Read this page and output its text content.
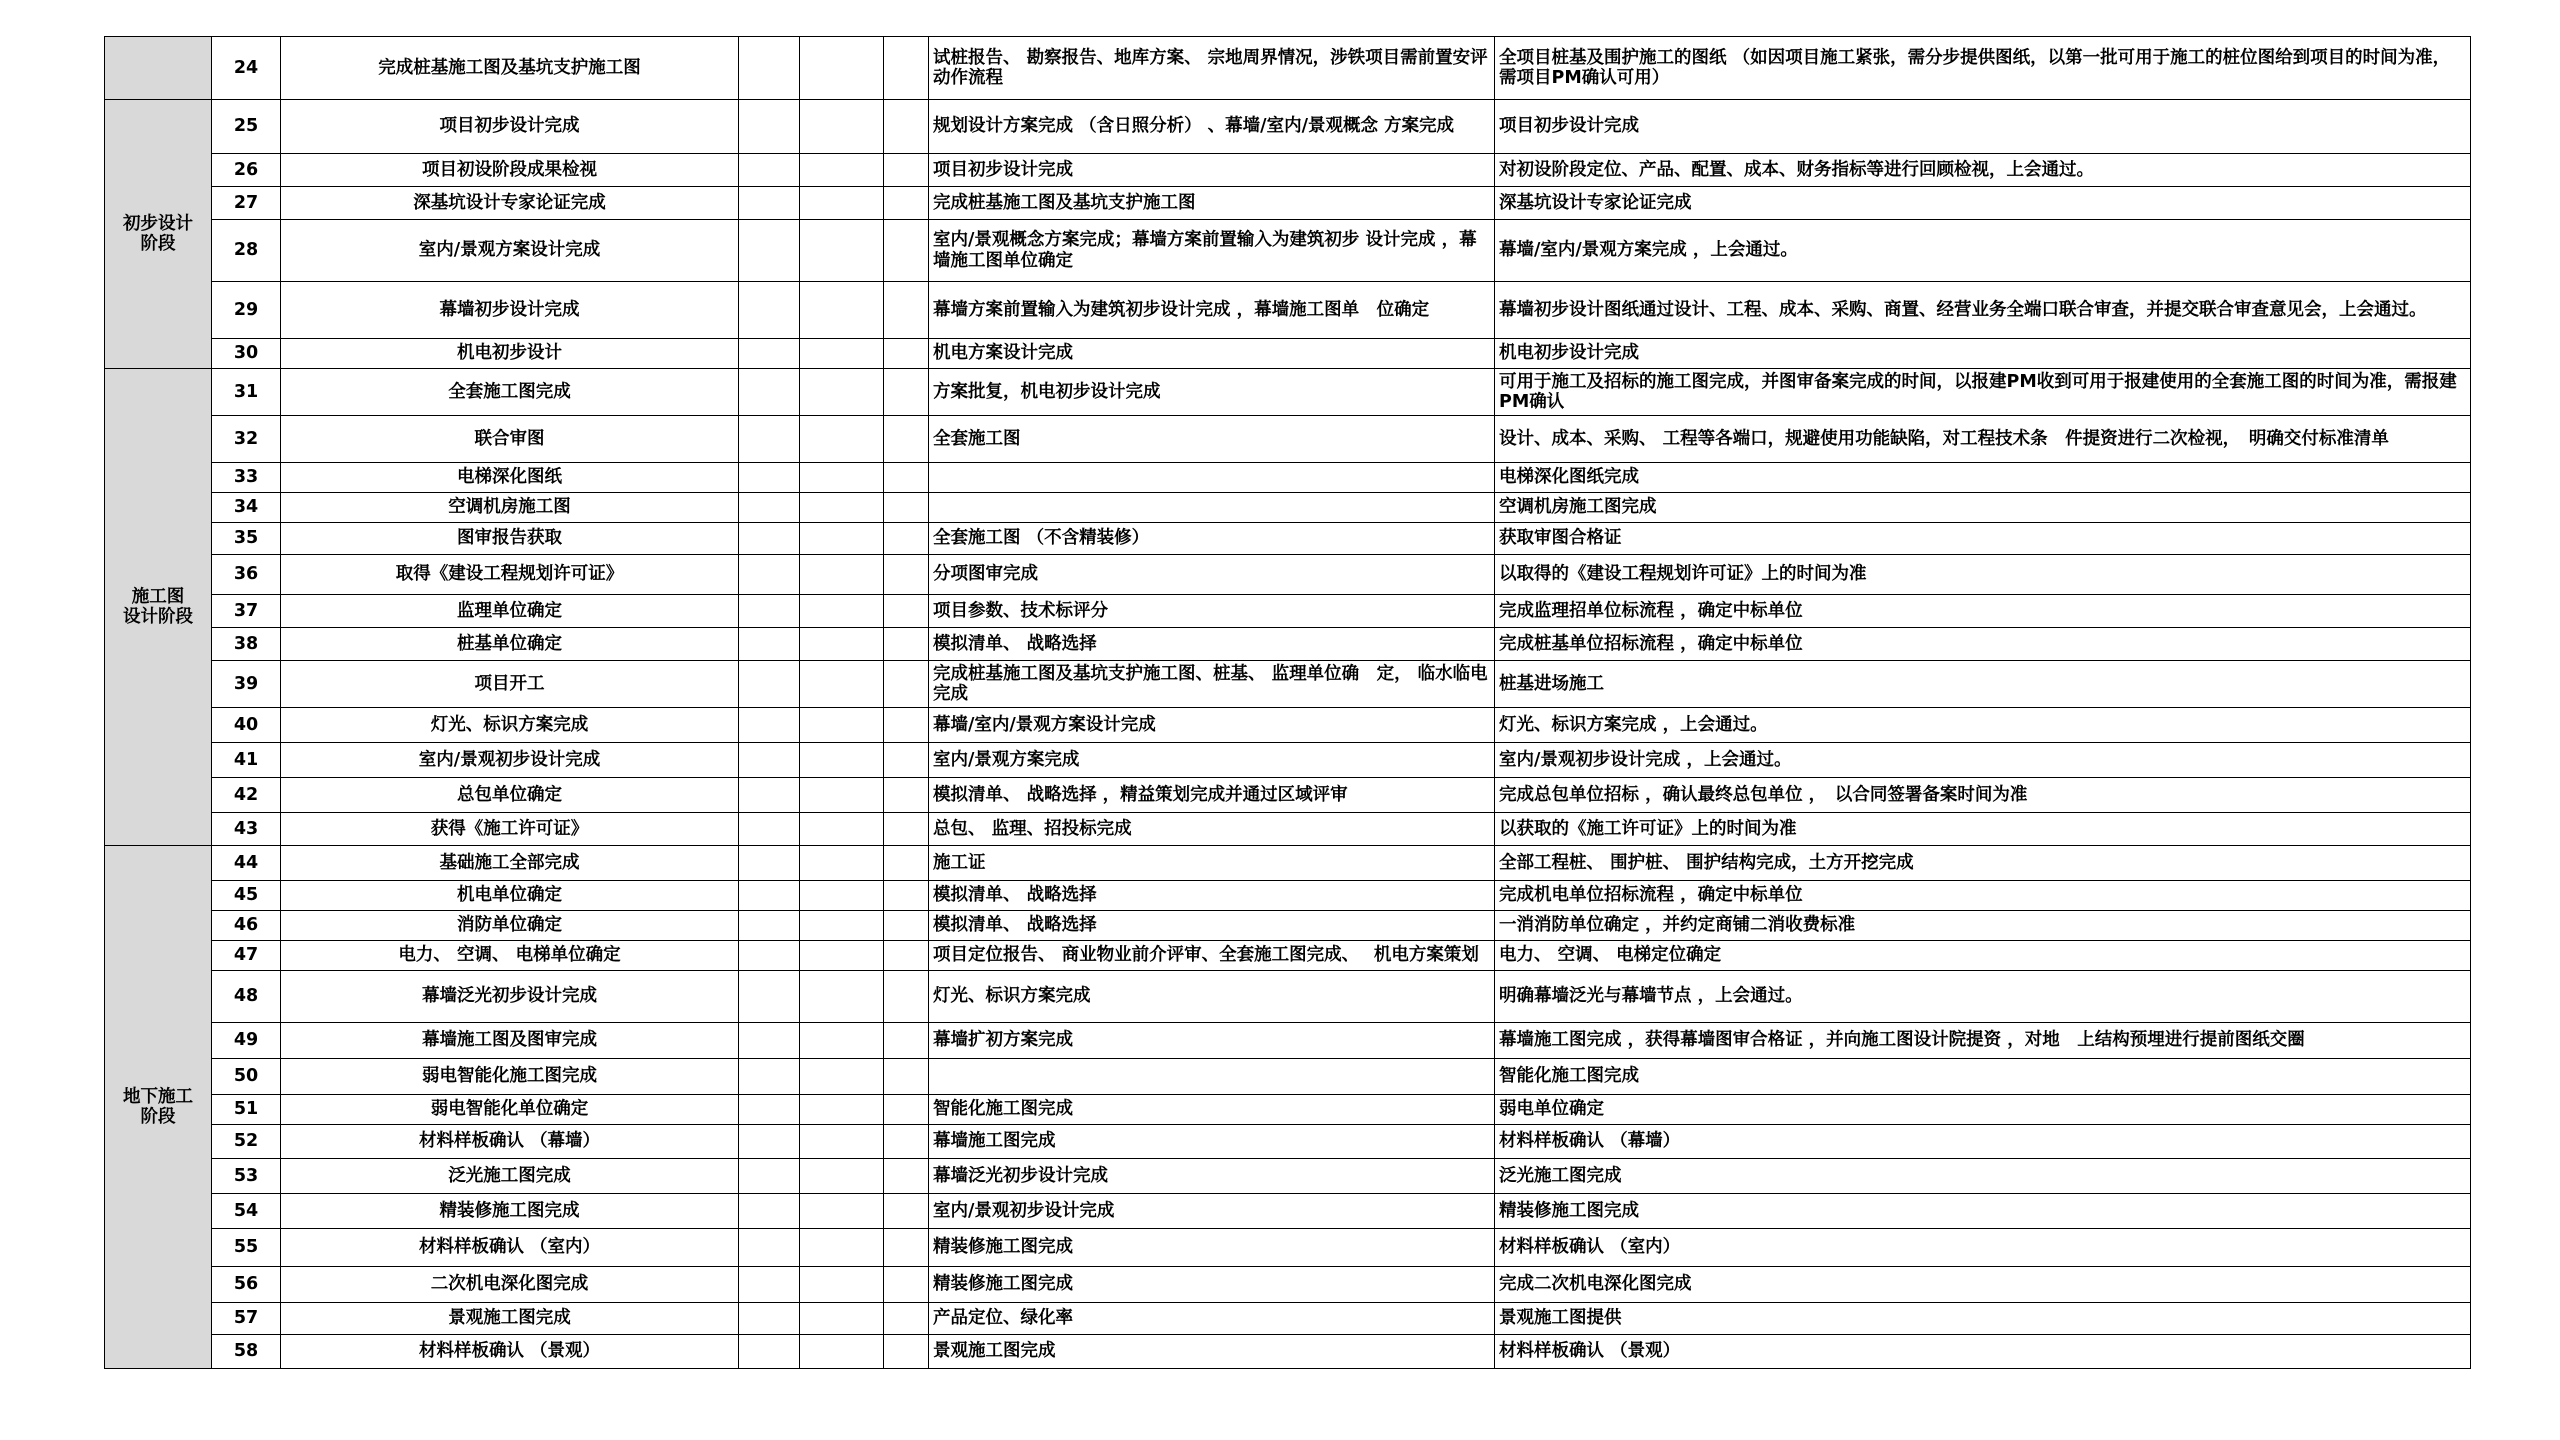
	24	完成桩基施工图及基坑支护施工图				试桩报告、 勘察报告、地库方案、 宗地周界情况，涉铁项目需前置安评动作流程	全项目桩基及围护施工的图纸 （如因项目施工紧张，需分步提供图纸，以第一批可用于施工的桩位图给到项目的时间为准，需项目PM确认可用）
初步设计
阶段	25	项目初步设计完成				规划设计方案完成 （含日照分析） 、幕墙/室内/景观概念 方案完成	项目初步设计完成
	26	项目初设阶段成果检视				项目初步设计完成	对初设阶段定位、产品、配置、成本、财务指标等进行回顾检视，上会通过。
	27	深基坑设计专家论证完成				完成桩基施工图及基坑支护施工图	深基坑设计专家论证完成
	28	室内/景观方案设计完成				室内/景观概念方案完成；幕墙方案前置输入为建筑初步 设计完成 ，幕墙施工图单位确定	幕墙/室内/景观方案完成 ，上会通过。
	29	幕墙初步设计完成				幕墙方案前置输入为建筑初步设计完成 ，幕墙施工图单　位确定	幕墙初步设计图纸通过设计、工程、成本、采购、商置、经营业务全端口联合审查，并提交联合审查意见会，上会通过。
	30	机电初步设计				机电方案设计完成	机电初步设计完成
施工图
设计阶段	31	全套施工图完成				方案批复，机电初步设计完成	可用于施工及招标的施工图完成，并图审备案完成的时间，以报建PM收到可用于报建使用的全套施工图的时间为准，需报建PM确认
	32	联合审图				全套施工图	设计、成本、采购、 工程等各端口，规避使用功能缺陷，对工程技术条　件提资进行二次检视，　明确交付标准清单
	33	电梯深化图纸					电梯深化图纸完成
	34	空调机房施工图					空调机房施工图完成
	35	图审报告获取				全套施工图 （不含精装修）	获取审图合格证
	36	取得《建设工程规划许可证》				分项图审完成	以取得的《建设工程规划许可证》上的时间为准
	37	监理单位确定				项目参数、技术标评分	完成监理招单位标流程 ，确定中标单位
	38	桩基单位确定				模拟清单、 战略选择	完成桩基单位招标流程 ，确定中标单位
	39	项目开工				完成桩基施工图及基坑支护施工图、桩基、 监理单位确　定， 临水临电完成	桩基进场施工
	40	灯光、标识方案完成				幕墙/室内/景观方案设计完成	灯光、标识方案完成 ，上会通过。
	41	室内/景观初步设计完成				室内/景观方案完成	室内/景观初步设计完成 ，上会通过。
	42	总包单位确定				模拟清单、 战略选择 ，精益策划完成并通过区域评审	完成总包单位招标 ，确认最终总包单位 ，　以合同签署备案时间为准
	43	获得《施工许可证》				总包、 监理、招投标完成	以获取的《施工许可证》上的时间为准
地下施工
阶段	44	基础施工全部完成				施工证	全部工程桩、 围护桩、 围护结构完成，土方开挖完成
	45	机电单位确定				模拟清单、 战略选择	完成机电单位招标流程 ，确定中标单位
	46	消防单位确定				模拟清单、 战略选择	一消消防单位确定 ，并约定商铺二消收费标准
	47	电力、 空调、 电梯单位确定				项目定位报告、 商业物业前介评审、全套施工图完成、　 机电方案策划	电力、 空调、 电梯定位确定
	48	幕墙泛光初步设计完成				灯光、标识方案完成	明确幕墙泛光与幕墙节点 ，上会通过。
	49	幕墙施工图及图审完成				幕墙扩初方案完成	幕墙施工图完成 ，获得幕墙图审合格证 ，并向施工图设计院提资 ，对地　上结构预埋进行提前图纸交圈
	50	弱电智能化施工图完成					智能化施工图完成
	51	弱电智能化单位确定				智能化施工图完成	弱电单位确定
	52	材料样板确认 （幕墙）				幕墙施工图完成	材料样板确认 （幕墙）
	53	泛光施工图完成				幕墙泛光初步设计完成	泛光施工图完成
	54	精装修施工图完成				室内/景观初步设计完成	精装修施工图完成
	55	材料样板确认 （室内）				精装修施工图完成	材料样板确认 （室内）
	56	二次机电深化图完成				精装修施工图完成	完成二次机电深化图完成
	57	景观施工图完成				产品定位、绿化率	景观施工图提供
	58	材料样板确认 （景观）				景观施工图完成	材料样板确认 （景观）
